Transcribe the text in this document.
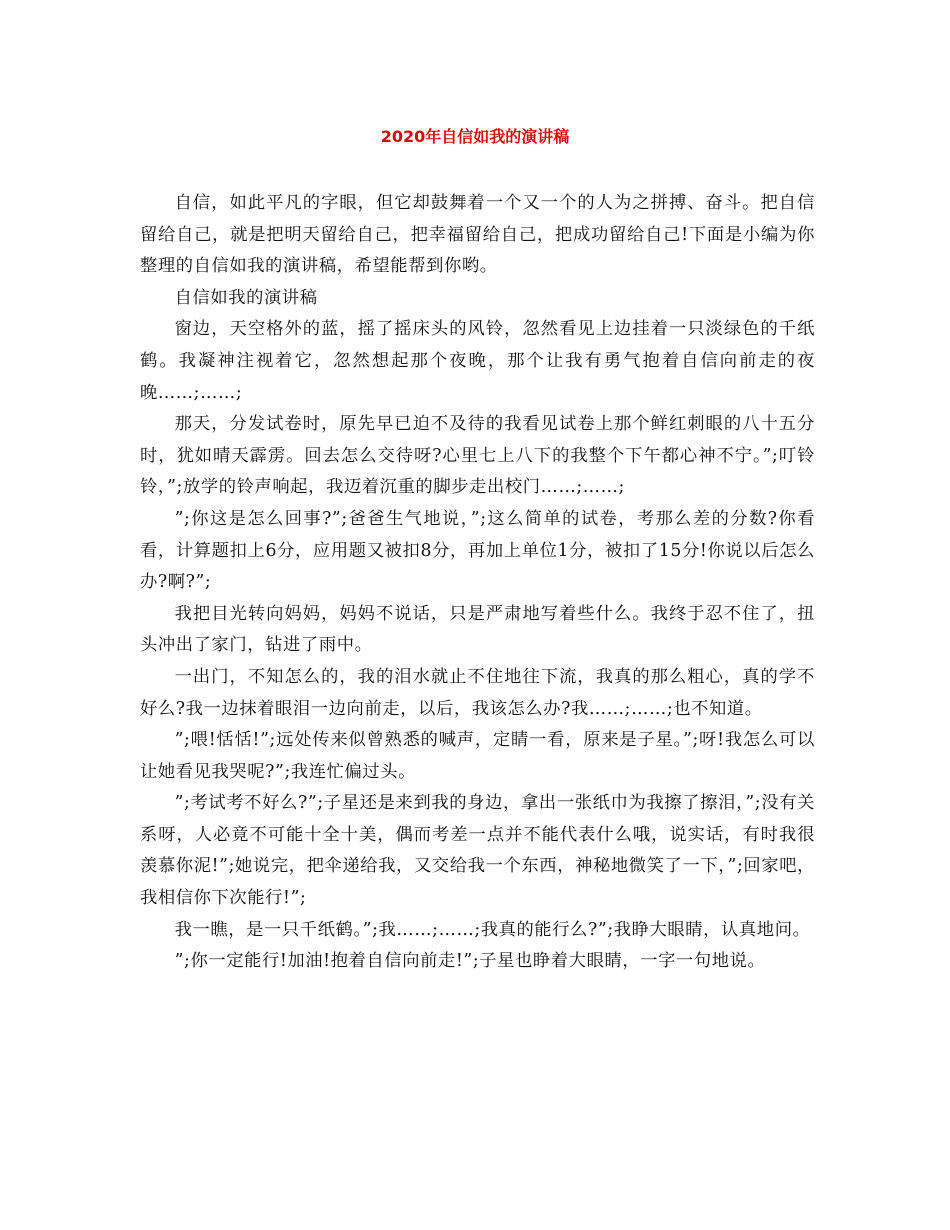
2020年自信如我的演讲稿

自信，如此平凡的字眼，但它却鼓舞着一个又一个的人为之拼搏、奋斗。把自信留给自己，就是把明天留给自己，把幸福留给自己，把成功留给自己!下面是小编为你整理的自信如我的演讲稿，希望能帮到你哟。

自信如我的演讲稿

窗边，天空格外的蓝，摇了摇床头的风铃，忽然看见上边挂着一只淡绿色的千纸鹤。我凝神注视着它，忽然想起那个夜晚，那个让我有勇气抱着自信向前走的夜晚……;……;

那天，分发试卷时，原先早已迫不及待的我看见试卷上那个鲜红刺眼的八十五分时，犹如晴天霹雳。回去怎么交待呀?心里七上八下的我整个下午都心神不宁。”;叮铃铃，”;放学的铃声响起，我迈着沉重的脚步走出校门……;……;

”;你这是怎么回事?”;爸爸生气地说，”;这么简单的试卷，考那么差的分数?你看看，计算题扣上6分，应用题又被扣8分，再加上单位1分，被扣了15分!你说以后怎么办?啊?”;

我把目光转向妈妈，妈妈不说话，只是严肃地写着些什么。我终于忍不住了，扭头冲出了家门，钻进了雨中。

一出门，不知怎么的，我的泪水就止不住地往下流，我真的那么粗心，真的学不好么?我一边抹着眼泪一边向前走，以后，我该怎么办?我……;……;也不知道。

”;喂!恬恬!”;远处传来似曾熟悉的喊声，定睛一看，原来是子星。”;呀!我怎么可以让她看见我哭呢?”;我连忙偏过头。

”;考试考不好么?”;子星还是来到我的身边，拿出一张纸巾为我擦了擦泪，”;没有关系呀，人必竟不可能十全十美，偶而考差一点并不能代表什么哦，说实话，有时我很羡慕你泥!”;她说完，把伞递给我，又交给我一个东西，神秘地微笑了一下，”;回家吧，我相信你下次能行!”;

我一瞧，是一只千纸鹤。”;我……;……;我真的能行么?”;我睁大眼睛，认真地问。

”;你一定能行!加油!抱着自信向前走!”;子星也睁着大眼睛，一字一句地说。
